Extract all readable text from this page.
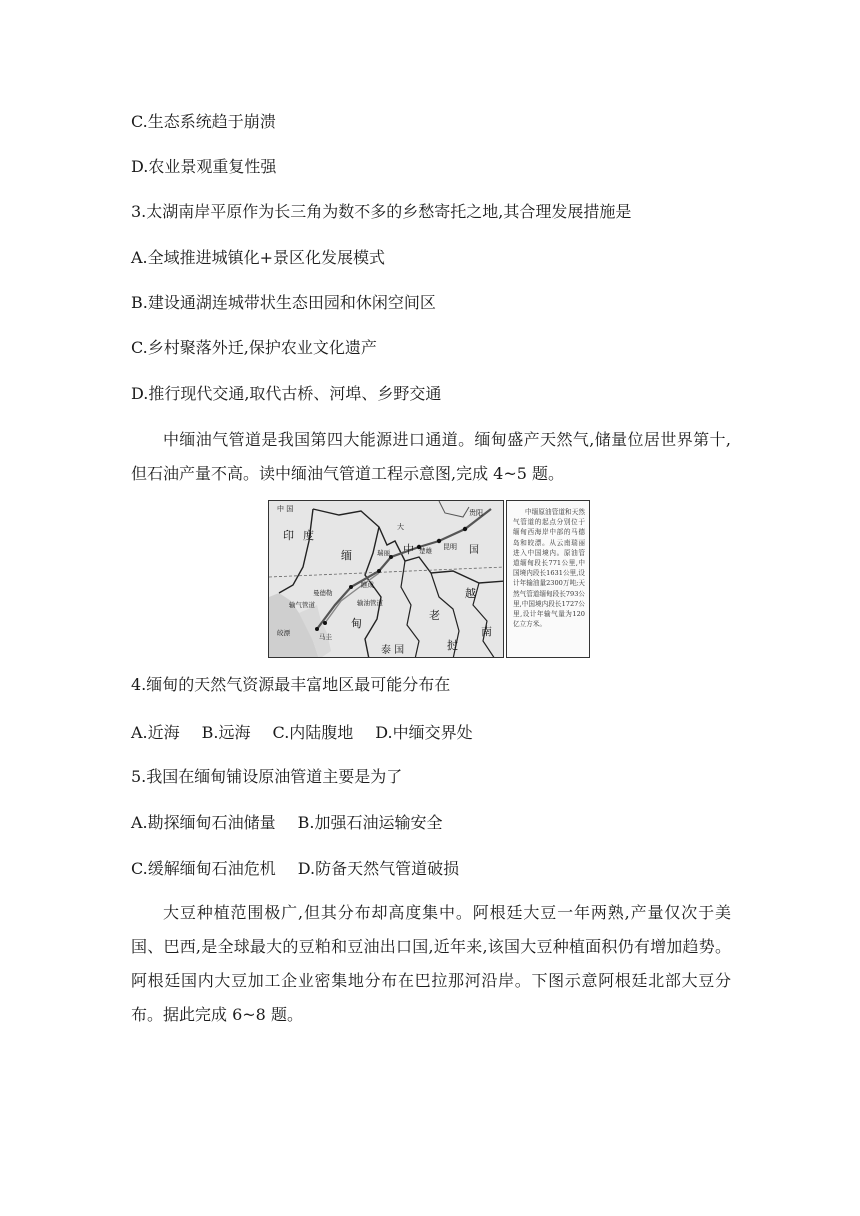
C.生态系统趋于崩溃

D.农业景观重复性强

3.太湖南岸平原作为长三角为数不多的乡愁寄托之地,其合理发展措施是

A.全域推进城镇化+景区化发展模式

B.建设通湖连城带状生态田园和休闲空间区

C.乡村聚落外迁,保护农业文化遗产

D.推行现代交通,取代古桥、河埠、乡野交通

中缅油气管道是我国第四大能源进口通道。缅甸盛产天然气,储量位居世界第十,但石油产量不高。读中缅油气管道工程示意图,完成 4~5 题。

中 国
印 度
缅
甸
贵阳
大
中 楚雄 昆明 国
瑞丽
曼德勒
瞧成
输气管道	输油管道
马圭
皎漂
老
挝
越
南
泰 国

中缅原油管道和天然气管道的起点分别位于缅甸西海岸中部的马德岛和皎漂。从云南瑞丽进入中国境内。原油管道缅甸段长771公里,中国境内段长1631公里,设计年输油量2300万吨;天然气管道缅甸段长793公里,中国境内段长1727公里,设计年输气量为120亿立方米。

4.缅甸的天然气资源最丰富地区最可能分布在

A.近海 B.远海 C.内陆腹地 D.中缅交界处

5.我国在缅甸铺设原油管道主要是为了

A.勘探缅甸石油储量 B.加强石油运输安全

C.缓解缅甸石油危机 D.防备天然气管道破损

大豆种植范围极广,但其分布却高度集中。阿根廷大豆一年两熟,产量仅次于美国、巴西,是全球最大的豆粕和豆油出口国,近年来,该国大豆种植面积仍有增加趋势。阿根廷国内大豆加工企业密集地分布在巴拉那河沿岸。下图示意阿根廷北部大豆分布。据此完成 6~8 题。
